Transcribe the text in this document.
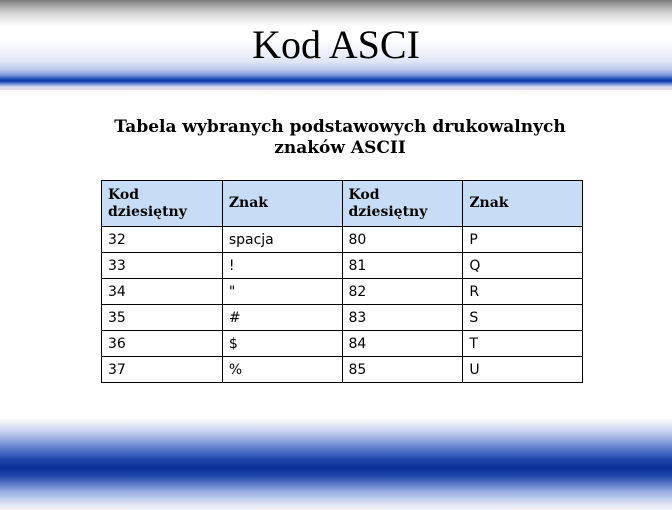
Kod ASCI
Tabela wybranych podstawowych drukowalnych
znaków ASCII
Kod dziesiętny	Znak	Kod dziesiętny	Znak
32	spacja	80	P
33	!	81	Q
34	"	82	R
35	#	83	S
36	$	84	T
37	%	85	U
